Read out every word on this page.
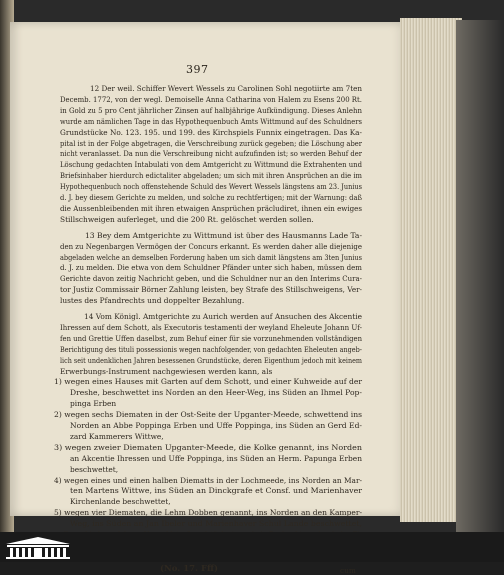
397
12 Der weil. Schiffer Wevert Wessels zu Carolinen Sohl negotiirte am 7ten
Decemb. 1772, von der wegl. Demoiselle Anna Catharina von Halem zu Esens 200 Rt.
in Gold zu 5 pro Cent jährlicher Zinsen auf halbjährige Aufkündigung. Dieses Anlehn
wurde am nämlichen Tage in das Hypothequenbuch Amts Wittmund auf des Schuldners
Grundstücke No. 123. 195. und 199. des Kirchspiels Funnix eingetragen. Das Ka-
pital ist in der Folge abgetragen, die Verschreibung zurück gegeben; die Löschung aber
nicht veranlasset. Da nun die Verschreibung nicht aufzufinden ist; so werden Behuf der
Löschung gedachten Intabulati von dem Amtgericht zu Wittmund die Extrahenten und
Briefsinhaber hierdurch edictaliter abgeladen; um sich mit ihren Ansprüchen an die im
Hypothequenbuch noch offenstehende Schuld des Wevert Wessels längstens am 23. Junius
d. J. bey diesem Gerichte zu melden, und solche zu rechtfertigen; mit der Warnung: daß
die Aussenbleibenden mit ihren etwaigen Ansprüchen präcludiret, ihnen ein ewiges
Stillschweigen auferleget, und die 200 Rt. gelöschet werden sollen.
13 Bey dem Amtgerichte zu Wittmund ist über des Hausmanns Lade Ta-
den zu Negenbargen Vermögen der Concurs erkannt. Es werden daher alle diejenige
abgeladen welche an demselben Forderung haben um sich damit längstens am 3ten Junius
d. J. zu melden. Die etwa von dem Schuldner Pfänder unter sich haben, müssen dem
Gerichte davon zeitig Nachricht geben, und die Schuldner nur an den Interims Cura-
tor Justiz Commissair Börner Zahlung leisten, bey Strafe des Stillschweigens, Ver-
lustes des Pfandrechts und doppelter Bezahlung.
14 Vom Königl. Amtgerichte zu Aurich werden auf Ansuchen des Akcentie
Ihressen auf dem Schott, als Executoris testamenti der weyland Eheleute Johann Uf-
fen und Grettie Uffen daselbst, zum Behuf einer für sie vorzunehmenden vollständigen
Berichtigung des tituli possessionis wegen nachfolgender, von gedachten Eheleuten angeb-
lich seit undenklichen Jahren besessenen Grundstücke, deren Eigenthum jedoch mit keinem
Erwerbungs-Instrument nachgewiesen werden kann, als
1) wegen eines Hauses mit Garten auf dem Schott, und einer Kuhweide auf der
Dreshe, beschwettet ins Norden an den Heer-Weg, ins Süden an Ihmel Pop-
pinga Erben
2) wegen sechs Diematen in der Ost-Seite der Upganter-Meede, schwettend ins
Norden an Abbe Poppinga Erben und Uffe Poppinga, ins Süden an Gerd Ed-
zard Kammerers Wittwe,
3) wegen zweier Diematen Upganter-Meede, die Kolke genannt, ins Norden
an Akcentie Ihressen und Uffe Poppinga, ins Süden an Herm. Papunga Erben
beschwettet,
4) wegen eines und einen halben Diematts in der Lochmeede, ins Norden an Mar-
ten Martens Wittwe, ins Süden an Dinckgrafe et Consf. und Marienhaver
Kirchenlande beschwettet,
5) wegen vier Diematen, die Lehm Dobben genannt, ins Norden an den Kamper-
Weg, ins Süden an Jan Ibeler und Marienhaver Schul Lande beschwettet,
(No. 17. Fff)	cum
